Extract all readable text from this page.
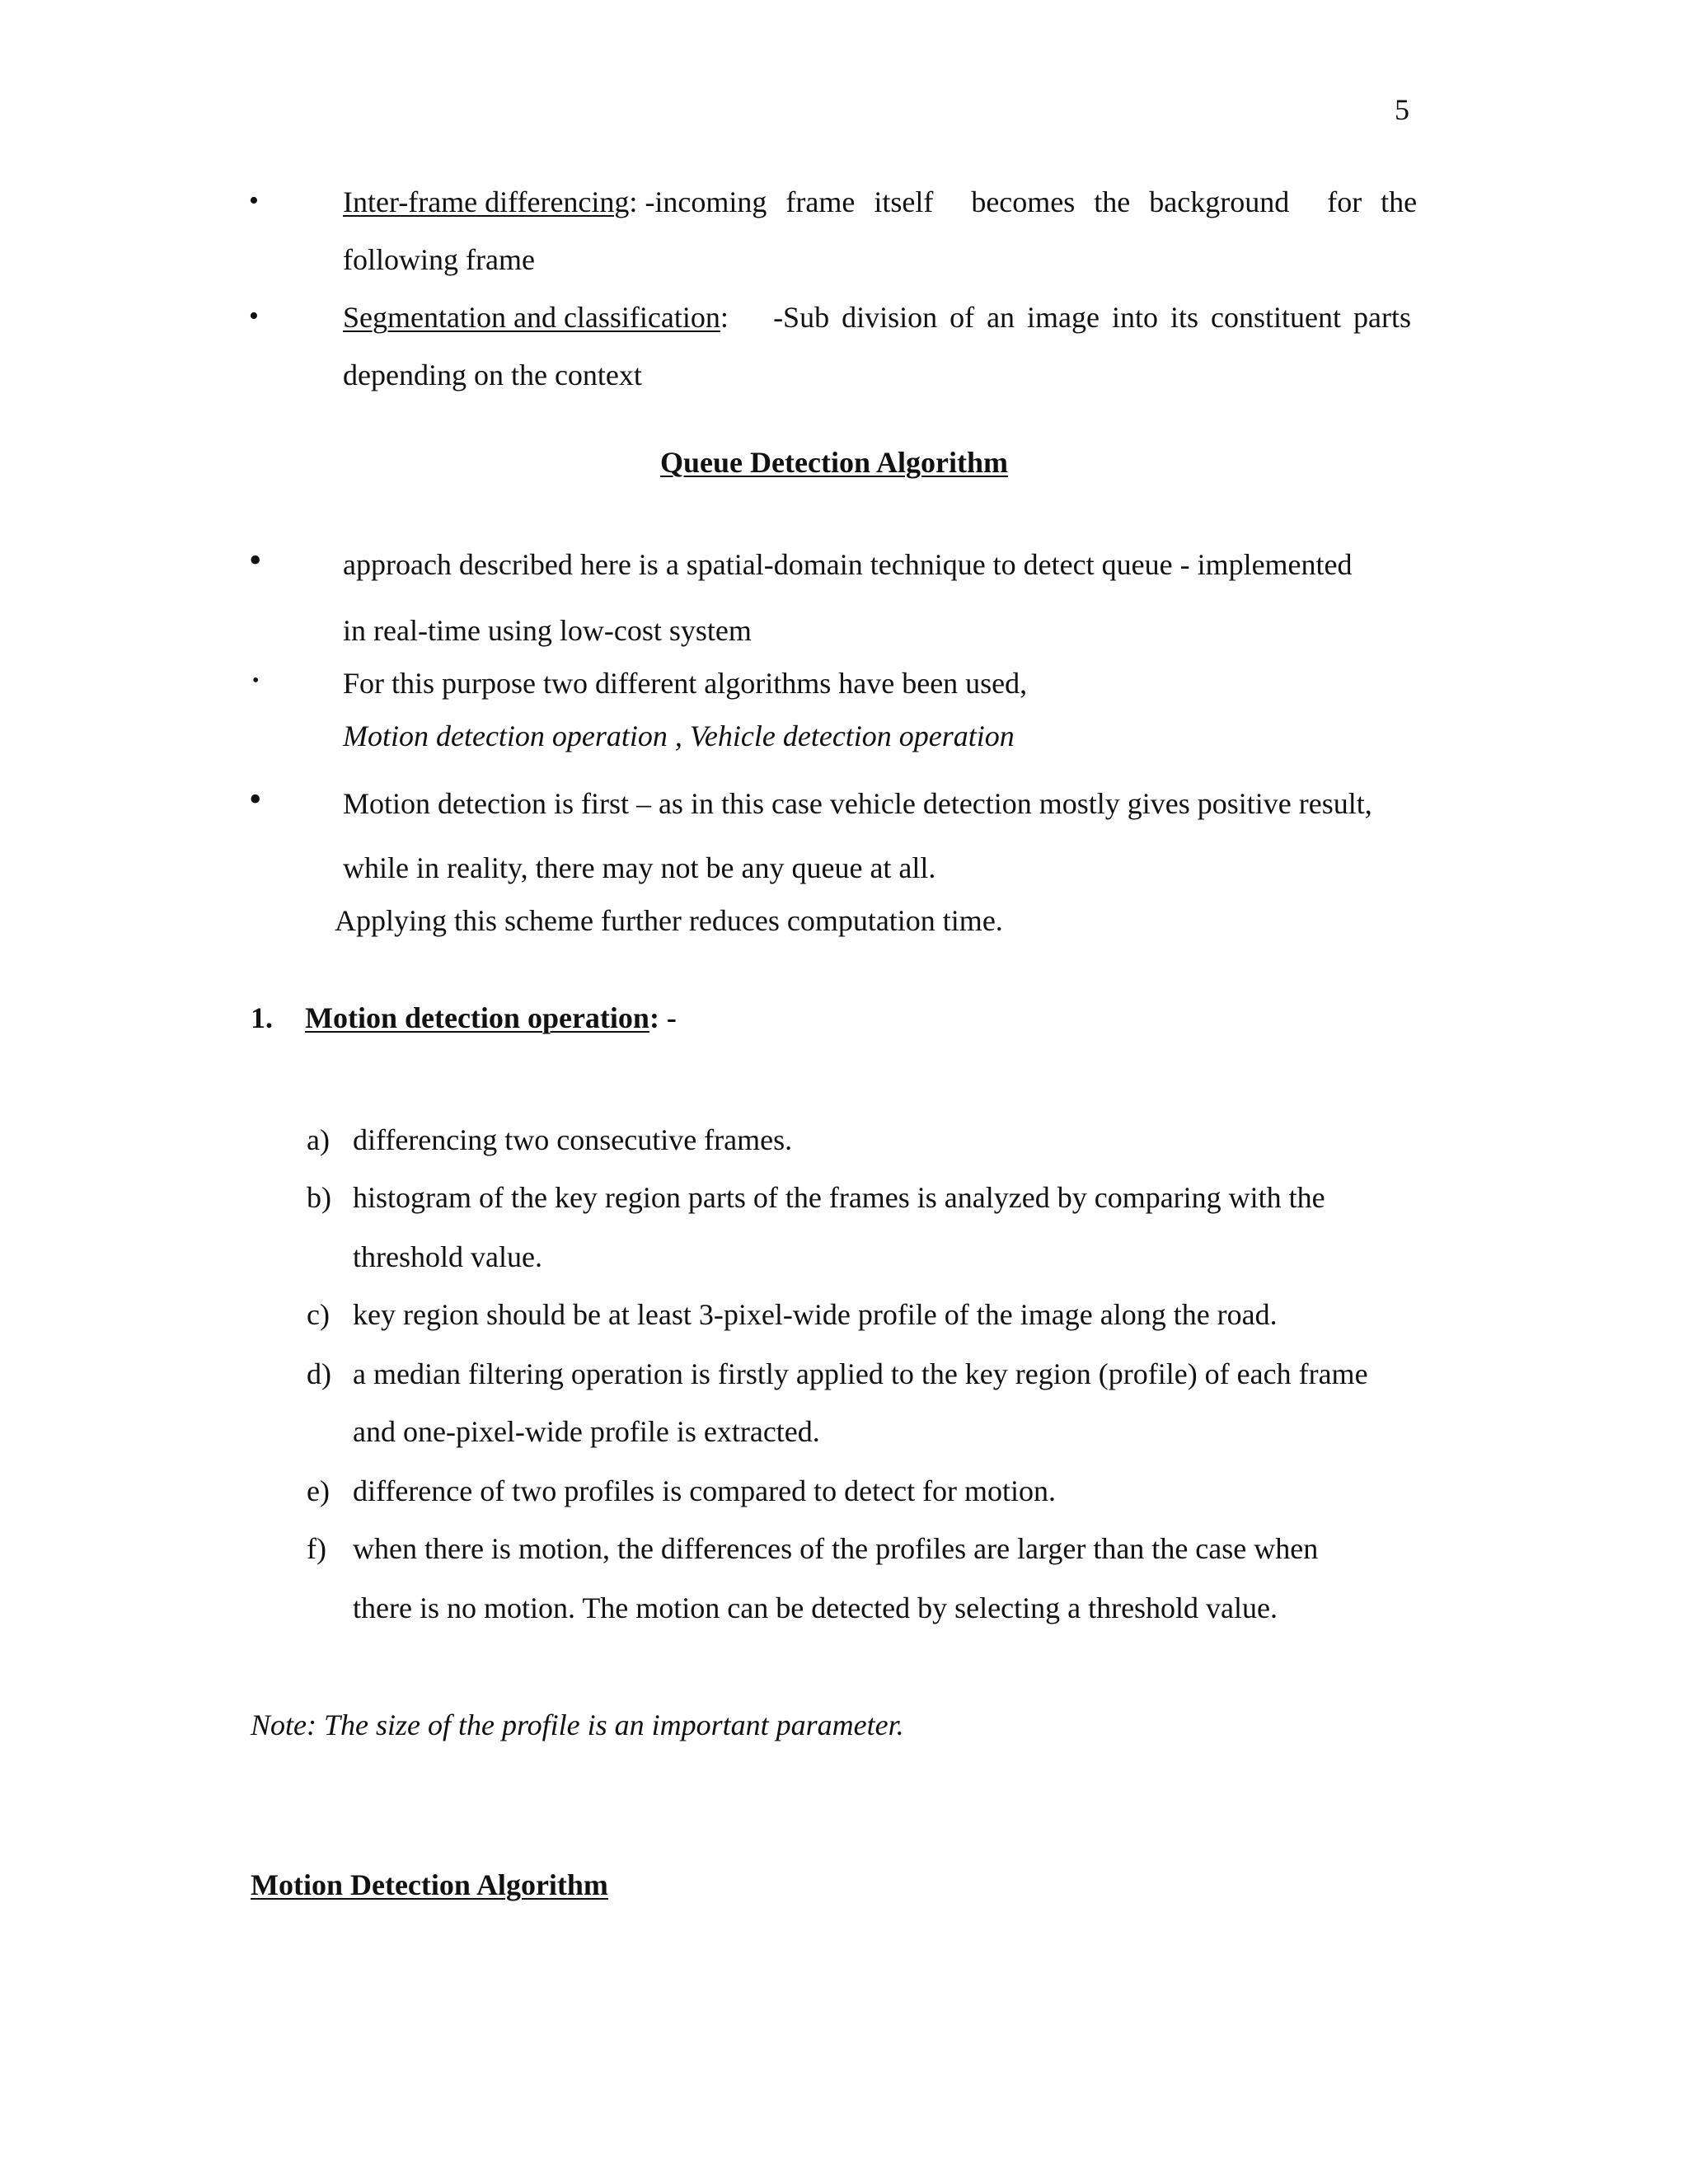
5
•	Inter-frame differencing: -incoming frame itself  becomes the background  for the
following frame
•	Segmentation and classification: -Sub division of an image into its constituent parts
depending on the context
Queue Detection Algorithm
•	approach described here is a spatial-domain technique to detect queue - implemented
in real-time using low-cost system
•	For this purpose two different algorithms have been used,
Motion detection operation , Vehicle detection operation
•	Motion detection is first – as in this case vehicle detection mostly gives positive result,
while in reality, there may not be any queue at all.
Applying this scheme further reduces computation time.
1. Motion detection operation: -
a) differencing two consecutive frames.
b) histogram of the key region parts of the frames is analyzed by comparing with the
threshold value.
c) key region should be at least 3-pixel-wide profile of the image along the road.
d) a median filtering operation is firstly applied to the key region (profile) of each frame
and one-pixel-wide profile is extracted.
e) difference of two profiles is compared to detect for motion.
f) when there is motion, the differences of the profiles are larger than the case when
there is no motion. The motion can be detected by selecting a threshold value.
Note: The size of the profile is an important parameter.
Motion Detection Algorithm
